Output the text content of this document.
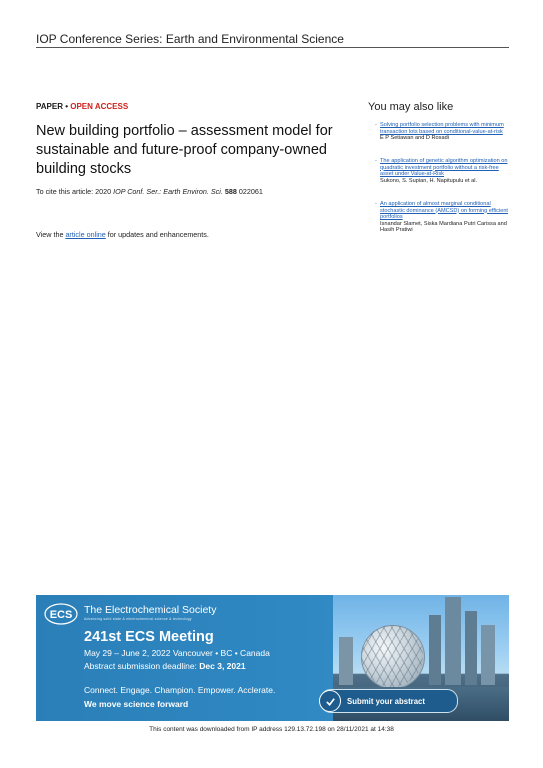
IOP Conference Series: Earth and Environmental Science
PAPER • OPEN ACCESS
New building portfolio – assessment model for sustainable and future-proof company-owned building stocks
To cite this article: 2020 IOP Conf. Ser.: Earth Environ. Sci. 588 022061
View the article online for updates and enhancements.
You may also like
- Solving portfolio selection problems with minimum transaction lots based on conditional-value-at-risk
E P Setiawan and D Rosadi
- The application of genetic algorithm optimization on quadratic investment portfolio without a risk-free asset under Value-at-Risk
Sukono, S. Supian, H. Napitupulu et al.
- An application of almost marginal conditional stochastic dominance (AMCSD) on forming efficient portfolios
Isnandar Slamet, Siska Mardiana Putri Carissa and Hasih Pratiwi
ECS The Electrochemical Society
Advancing solid state & electrochemical science & technology
241st ECS Meeting
May 29 – June 2, 2022 Vancouver • BC • Canada
Abstract submission deadline: Dec 3, 2021
Connect. Engage. Champion. Empower. Acclerate.
We move science forward	Submit your abstract
This content was downloaded from IP address 129.13.72.198 on 28/11/2021 at 14:38
